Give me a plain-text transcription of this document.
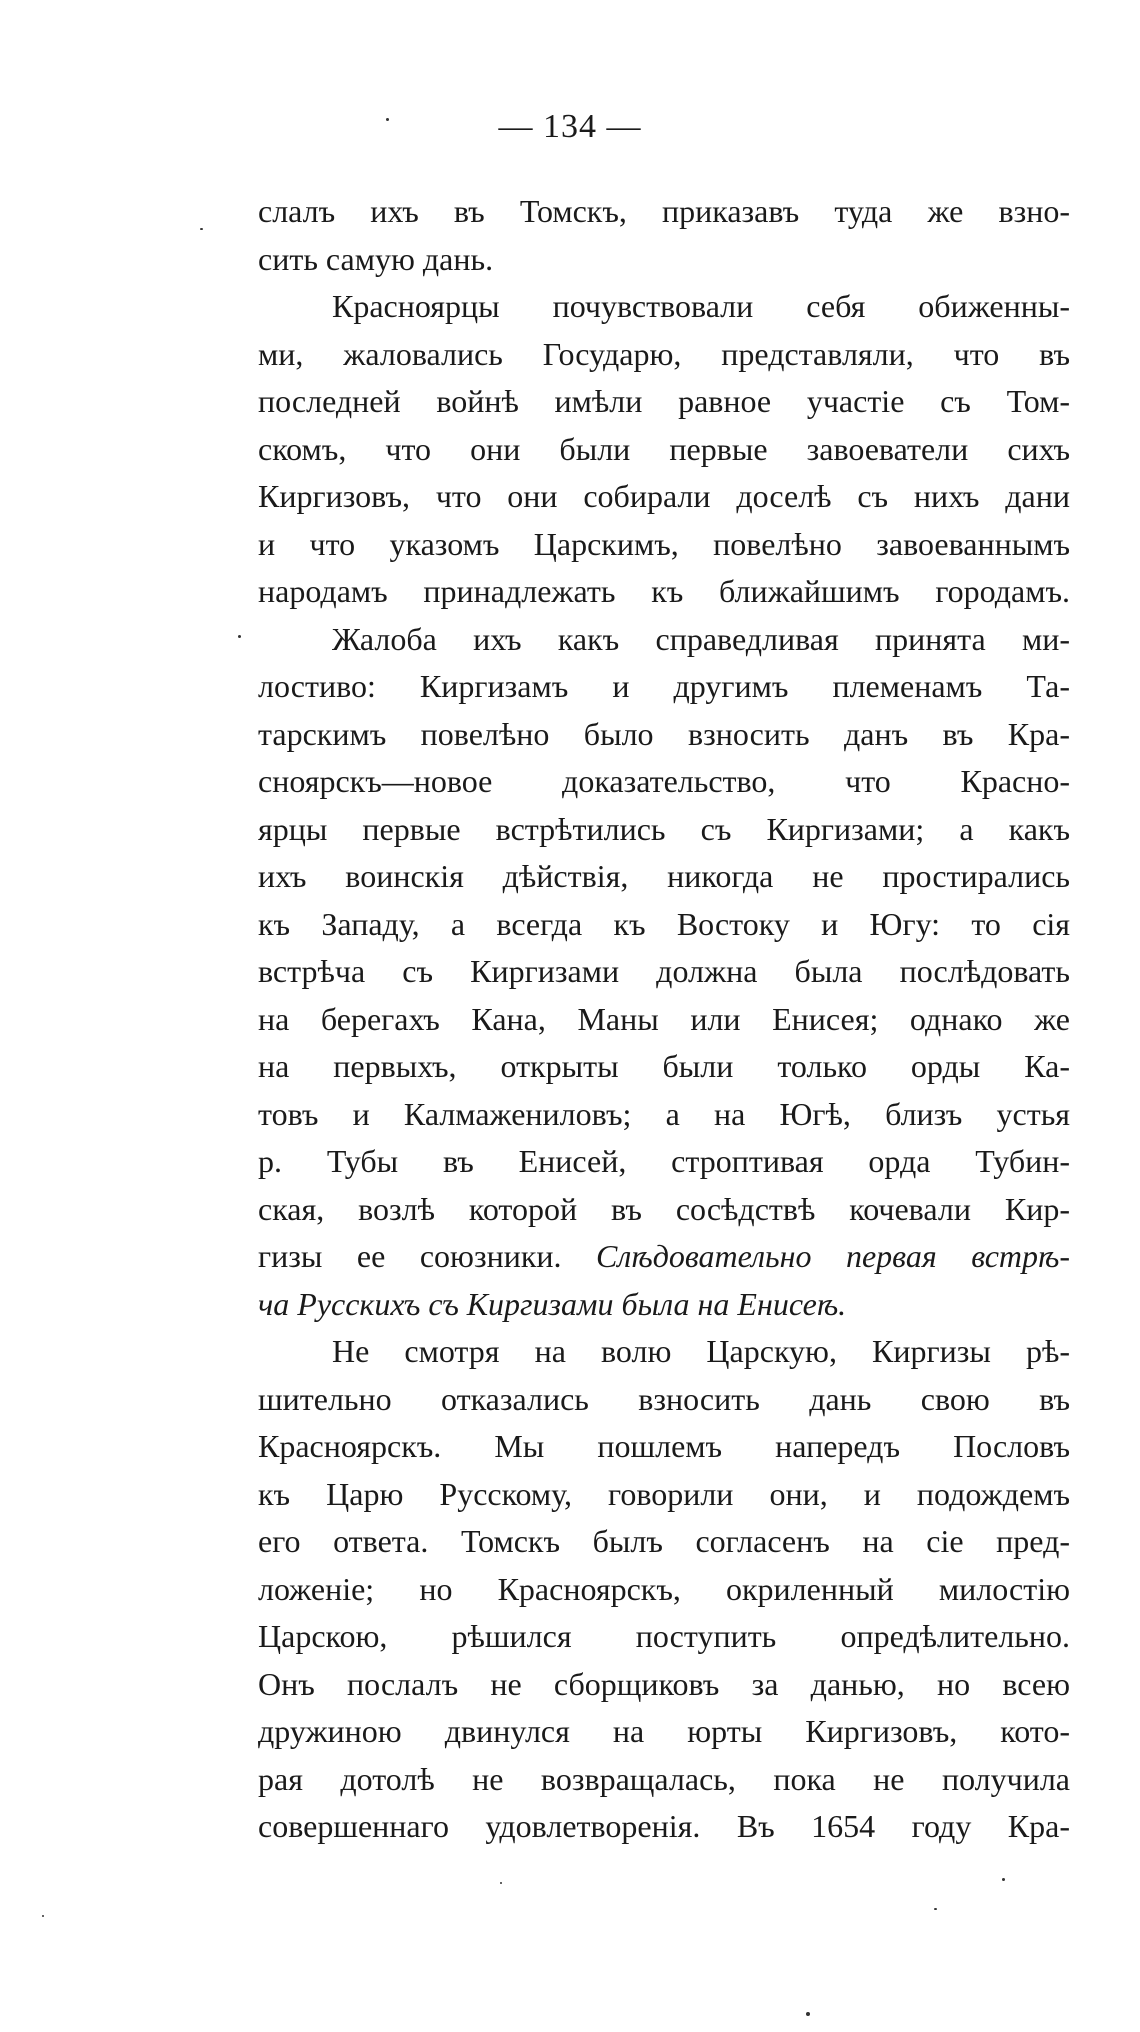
— 134 —
слалъ ихъ въ Томскъ, приказавъ туда же взно-
сить самую дань.
Красноярцы почувствовали себя обиженны-
ми, жаловались Государю, представляли, что въ
последней войнѣ имѣли равное участіе съ Том-
скомъ, что они были первые завоеватели сихъ
Киргизовъ, что они собирали доселѣ съ нихъ дани
и что указомъ Царскимъ, повелѣно завоеваннымъ
народамъ принадлежать къ ближайшимъ городамъ.
Жалоба ихъ какъ справедливая принята ми-
лостиво: Киргизамъ и другимъ племенамъ Та-
тарскимъ повелѣно было взносить данъ въ Кра-
сноярскъ—новое доказательство, что Красно-
ярцы первые встрѣтились съ Киргизами; а какъ
ихъ воинскія дѣйствія, никогда не простирались
къ Западу, а всегда къ Востоку и Югу: то сія
встрѣча съ Киргизами должна была послѣдовать
на берегахъ Кана, Маны или Енисея; однако же
на первыхъ, открыты были только орды Ка-
товъ и Калмажениловъ; а на Югѣ, близъ устья
р. Тубы въ Енисей, строптивая орда Тубин-
ская, возлѣ которой въ сосѣдствѣ кочевали Кир-
гизы ее союзники. Слѣдовательно первая встрѣ-
ча Русскихъ съ Киргизами была на Енисеѣ.
Не смотря на волю Царскую, Киргизы рѣ-
шительно отказались взносить дань свою въ
Красноярскъ. Мы пошлемъ напередъ Пословъ
къ Царю Русскому, говорили они, и подождемъ
его ответа. Томскъ былъ согласенъ на сіе пред-
ложеніе; но Красноярскъ, окриленный милостію
Царскою, рѣшился поступить опредѣлительно.
Онъ послалъ не сборщиковъ за данью, но всею
дружиною двинулся на юрты Киргизовъ, кото-
рая дотолѣ не возвращалась, пока не получила
совершеннаго удовлетворенія. Въ 1654 году Кра-
